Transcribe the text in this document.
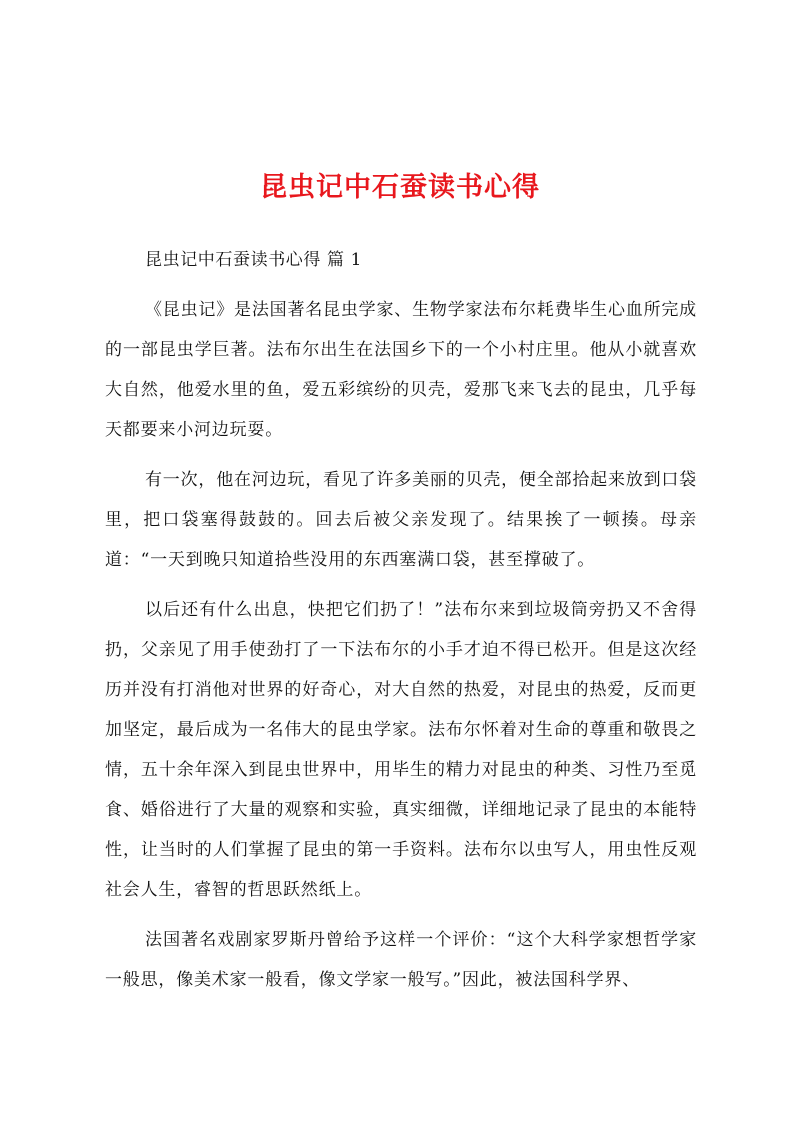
昆虫记中石蚕读书心得

昆虫记中石蚕读书心得 篇 1

《昆虫记》是法国著名昆虫学家、生物学家法布尔耗费毕生心血所完成的一部昆虫学巨著。法布尔出生在法国乡下的一个小村庄里。他从小就喜欢大自然，他爱水里的鱼，爱五彩缤纷的贝壳，爱那飞来飞去的昆虫，几乎每天都要来小河边玩耍。

有一次，他在河边玩，看见了许多美丽的贝壳，便全部拾起来放到口袋里，把口袋塞得鼓鼓的。回去后被父亲发现了。结果挨了一顿揍。母亲道：“一天到晚只知道拾些没用的东西塞满口袋，甚至撑破了。

以后还有什么出息，快把它们扔了！”法布尔来到垃圾筒旁扔又不舍得扔，父亲见了用手使劲打了一下法布尔的小手才迫不得已松开。但是这次经历并没有打消他对世界的好奇心，对大自然的热爱，对昆虫的热爱，反而更加坚定，最后成为一名伟大的昆虫学家。法布尔怀着对生命的尊重和敬畏之情，五十余年深入到昆虫世界中，用毕生的精力对昆虫的种类、习性乃至觅食、婚俗进行了大量的观察和实验，真实细微，详细地记录了昆虫的本能特性，让当时的人们掌握了昆虫的第一手资料。法布尔以虫写人，用虫性反观社会人生，睿智的哲思跃然纸上。

法国著名戏剧家罗斯丹曾给予这样一个评价：“这个大科学家想哲学家一般思，像美术家一般看，像文学家一般写。”因此，被法国科学界、
